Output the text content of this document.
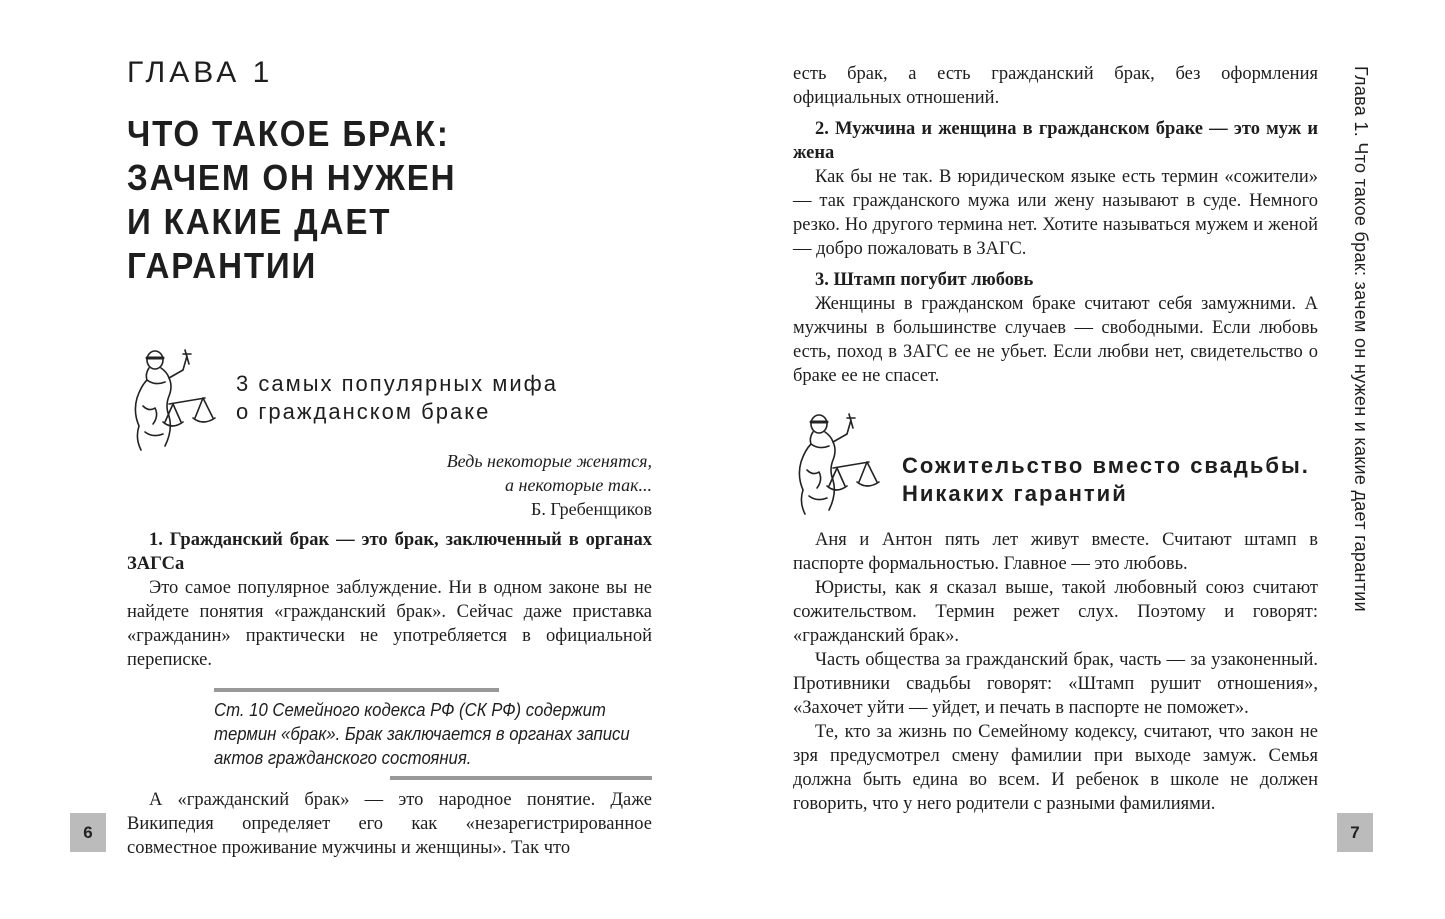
ГЛАВА 1
ЧТО ТАКОЕ БРАК:
ЗАЧЕМ ОН НУЖЕН
И КАКИЕ ДАЕТ ГАРАНТИИ
3 самых популярных мифа
о гражданском браке
Ведь некоторые женятся,
а некоторые так...
Б. Гребенщиков

1. Гражданский брак — это брак, заключенный в органах ЗАГСа

Это самое популярное заблуждение. Ни в одном законе вы не найдете понятия «гражданский брак». Сейчас даже приставка «гражданин» практически не употребляется в официальной переписке.

Ст. 10 Семейного кодекса РФ (СК РФ) содержит термин «брак». Брак заключается в органах записи актов гражданского состояния.

А «гражданский брак» — это народное понятие. Даже Википедия определяет его как «незарегистрированное совместное проживание мужчины и женщины». Так что

6

есть брак, а есть гражданский брак, без оформления официальных отношений.

2. Мужчина и женщина в гражданском браке — это муж и жена

Как бы не так. В юридическом языке есть термин «сожители» — так гражданского мужа или жену называют в суде. Немного резко. Но другого термина нет. Хотите называться мужем и женой — добро пожаловать в ЗАГС.

3. Штамп погубит любовь

Женщины в гражданском браке считают себя замужними. А мужчины в большинстве случаев — свободными. Если любовь есть, поход в ЗАГС ее не убьет. Если любви нет, свидетельство о браке ее не спасет.

Сожительство вместо свадьбы.
Никаких гарантий

Аня и Антон пять лет живут вместе. Считают штамп в паспорте формальностью. Главное — это любовь.

Юристы, как я сказал выше, такой любовный союз считают сожительством. Термин режет слух. Поэтому и говорят: «гражданский брак».

Часть общества за гражданский брак, часть — за узаконенный. Противники свадьбы говорят: «Штамп рушит отношения», «Захочет уйти — уйдет, и печать в паспорте не поможет».

Те, кто за жизнь по Семейному кодексу, считают, что закон не зря предусмотрел смену фамилии при выходе замуж. Семья должна быть едина во всем. И ребенок в школе не должен говорить, что у него родители с разными фамилиями.

Глава 1. Что такое брак: зачем он нужен и какие дает гарантии
7
